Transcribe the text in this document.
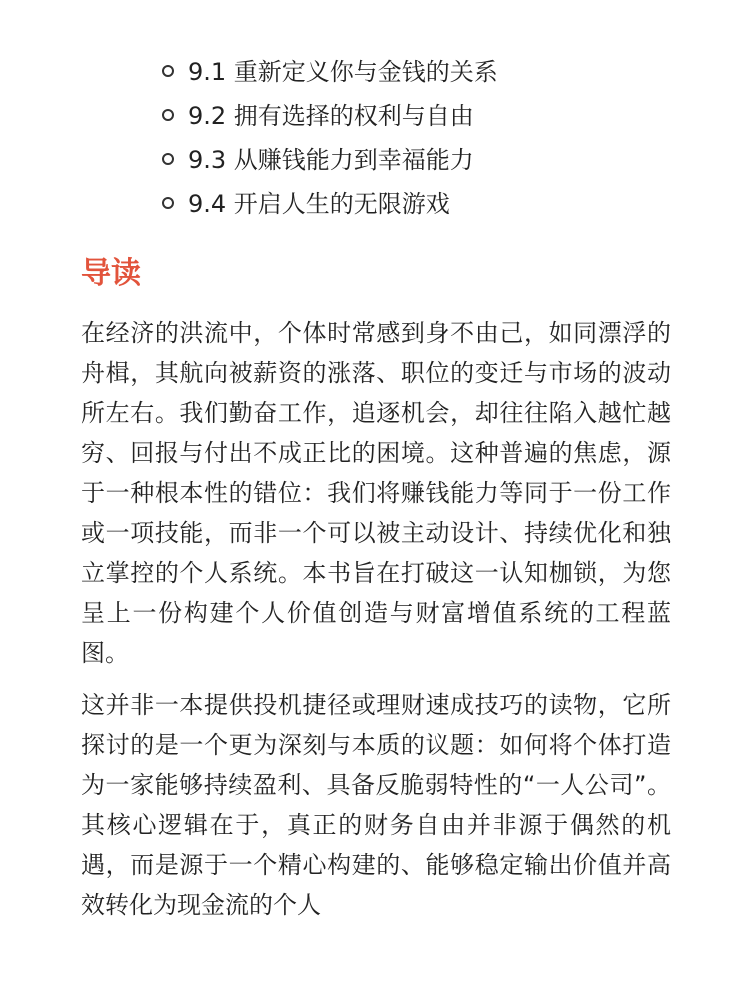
9.1 重新定义你与金钱的关系
9.2 拥有选择的权利与自由
9.3 从赚钱能力到幸福能力
9.4 开启人生的无限游戏
导读

在经济的洪流中，个体时常感到身不由己，如同漂浮的舟楫，其航向被薪资的涨落、职位的变迁与市场的波动所左右。我们勤奋工作，追逐机会，却往往陷入越忙越穷、回报与付出不成正比的困境。这种普遍的焦虑，源于一种根本性的错位：我们将赚钱能力等同于一份工作或一项技能，而非一个可以被主动设计、持续优化和独立掌控的个人系统。本书旨在打破这一认知枷锁，为您呈上一份构建个人价值创造与财富增值系统的工程蓝图。

这并非一本提供投机捷径或理财速成技巧的读物，它所探讨的是一个更为深刻与本质的议题：如何将个体打造为一家能够持续盈利、具备反脆弱特性的“一人公司”。其核心逻辑在于，真正的财务自由并非源于偶然的机遇，而是源于一个精心构建的、能够稳定输出价值并高效转化为现金流的个人
